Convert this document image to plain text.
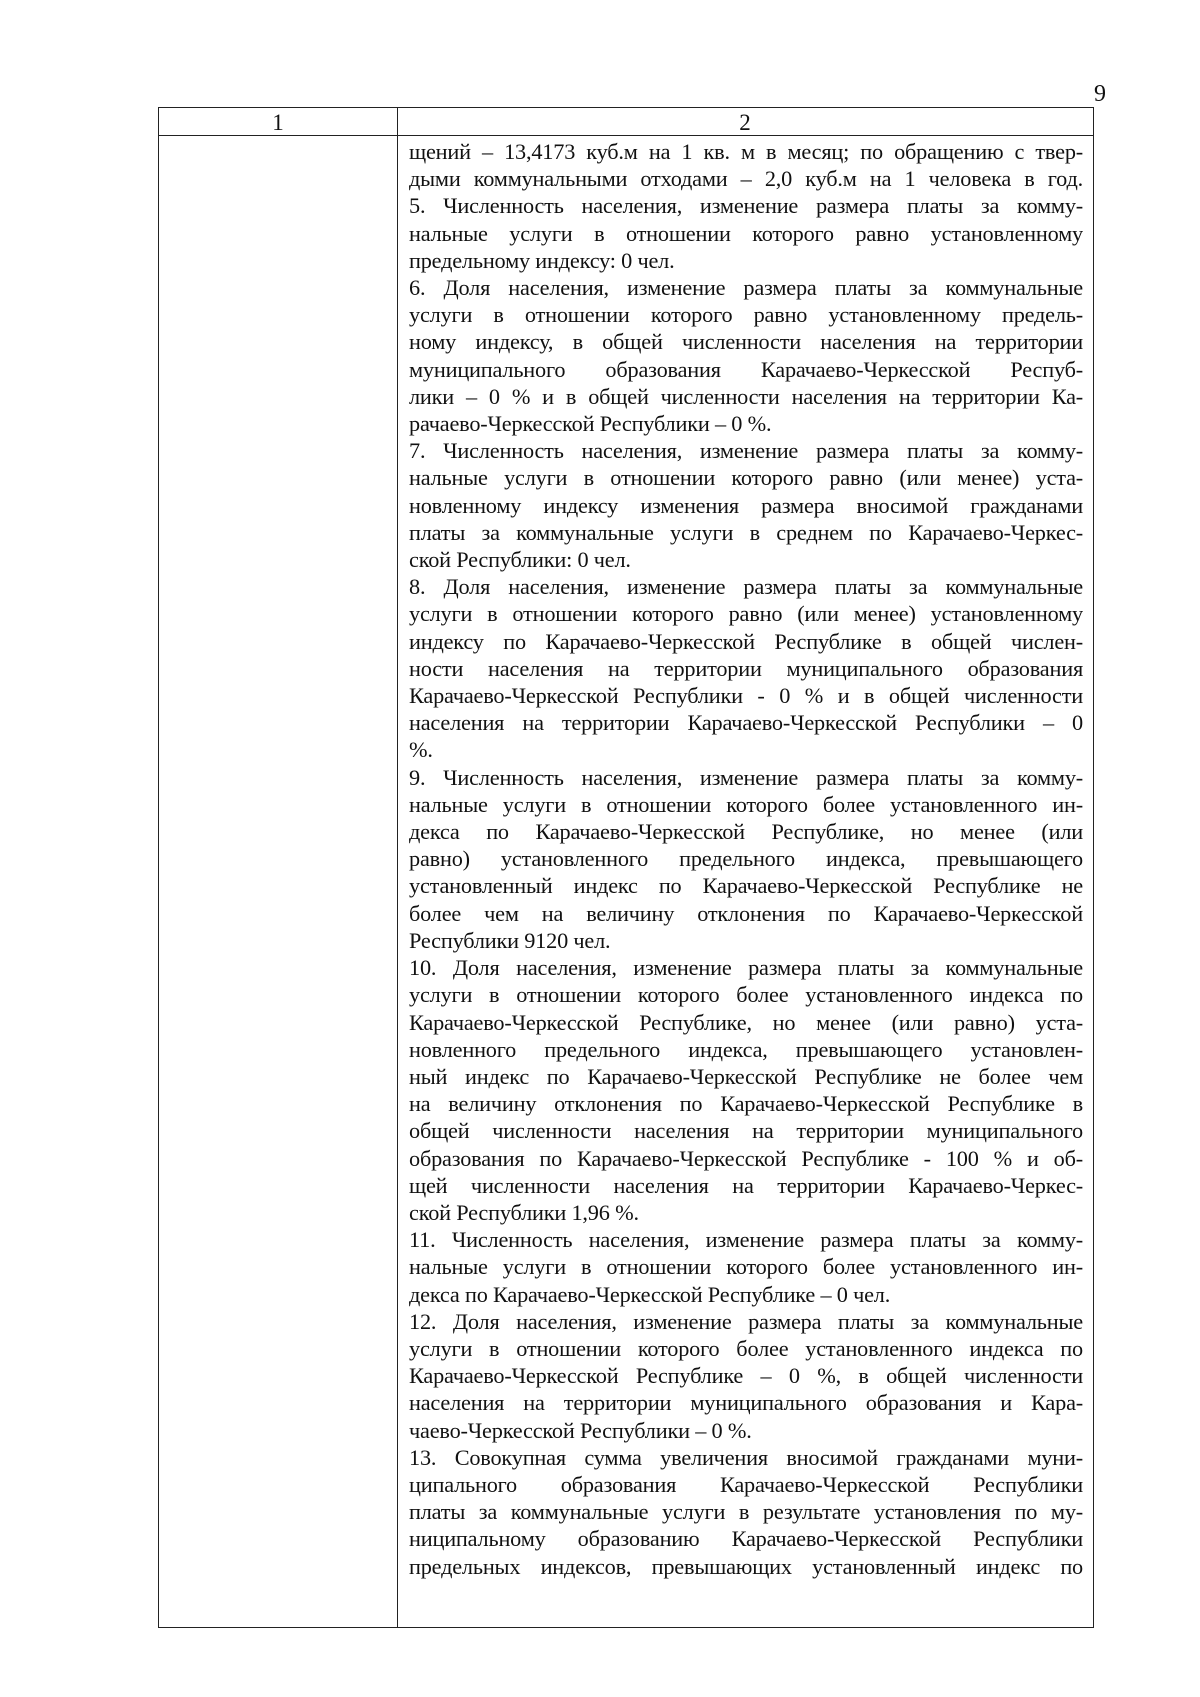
9
1	2
щений – 13,4173 куб.м на 1 кв. м в месяц; по обращению с твер-
дыми коммунальными отходами – 2,0 куб.м на 1 человека в год.
5. Численность населения, изменение размера платы за комму-
нальные услуги в отношении которого равно установленному
предельному индексу: 0 чел.
6. Доля населения, изменение размера платы за коммунальные
услуги в отношении которого равно установленному предель-
ному индексу, в общей численности населения на территории
муниципального образования Карачаево-Черкесской Респуб-
лики – 0 % и в общей численности населения на территории Ка-
рачаево-Черкесской Республики – 0 %.
7. Численность населения, изменение размера платы за комму-
нальные услуги в отношении которого равно (или менее) уста-
новленному индексу изменения размера вносимой гражданами
платы за коммунальные услуги в среднем по Карачаево-Черкес-
ской Республики: 0 чел.
8. Доля населения, изменение размера платы за коммунальные
услуги в отношении которого равно (или менее) установленному
индексу по Карачаево-Черкесской Республике в общей числен-
ности населения на территории муниципального образования
Карачаево-Черкесской Республики - 0 % и в общей численности
населения на территории Карачаево-Черкесской Республики – 0
%.
9. Численность населения, изменение размера платы за комму-
нальные услуги в отношении которого более установленного ин-
декса по Карачаево-Черкесской Республике, но менее (или
равно) установленного предельного индекса, превышающего
установленный индекс по Карачаево-Черкесской Республике не
более чем на величину отклонения по Карачаево-Черкесской
Республики 9120 чел.
10. Доля населения, изменение размера платы за коммунальные
услуги в отношении которого более установленного индекса по
Карачаево-Черкесской Республике, но менее (или равно) уста-
новленного предельного индекса, превышающего установлен-
ный индекс по Карачаево-Черкесской Республике не более чем
на величину отклонения по Карачаево-Черкесской Республике в
общей численности населения на территории муниципального
образования по Карачаево-Черкесской Республике - 100 % и об-
щей численности населения на территории Карачаево-Черкес-
ской Республики 1,96 %.
11. Численность населения, изменение размера платы за комму-
нальные услуги в отношении которого более установленного ин-
декса по Карачаево-Черкесской Республике – 0 чел.
12. Доля населения, изменение размера платы за коммунальные
услуги в отношении которого более установленного индекса по
Карачаево-Черкесской Республике – 0 %, в общей численности
населения на территории муниципального образования и Кара-
чаево-Черкесской Республики – 0 %.
13. Совокупная сумма увеличения вносимой гражданами муни-
ципального образования Карачаево-Черкесской Республики
платы за коммунальные услуги в результате установления по му-
ниципальному образованию Карачаево-Черкесской Республики
предельных индексов, превышающих установленный индекс по
